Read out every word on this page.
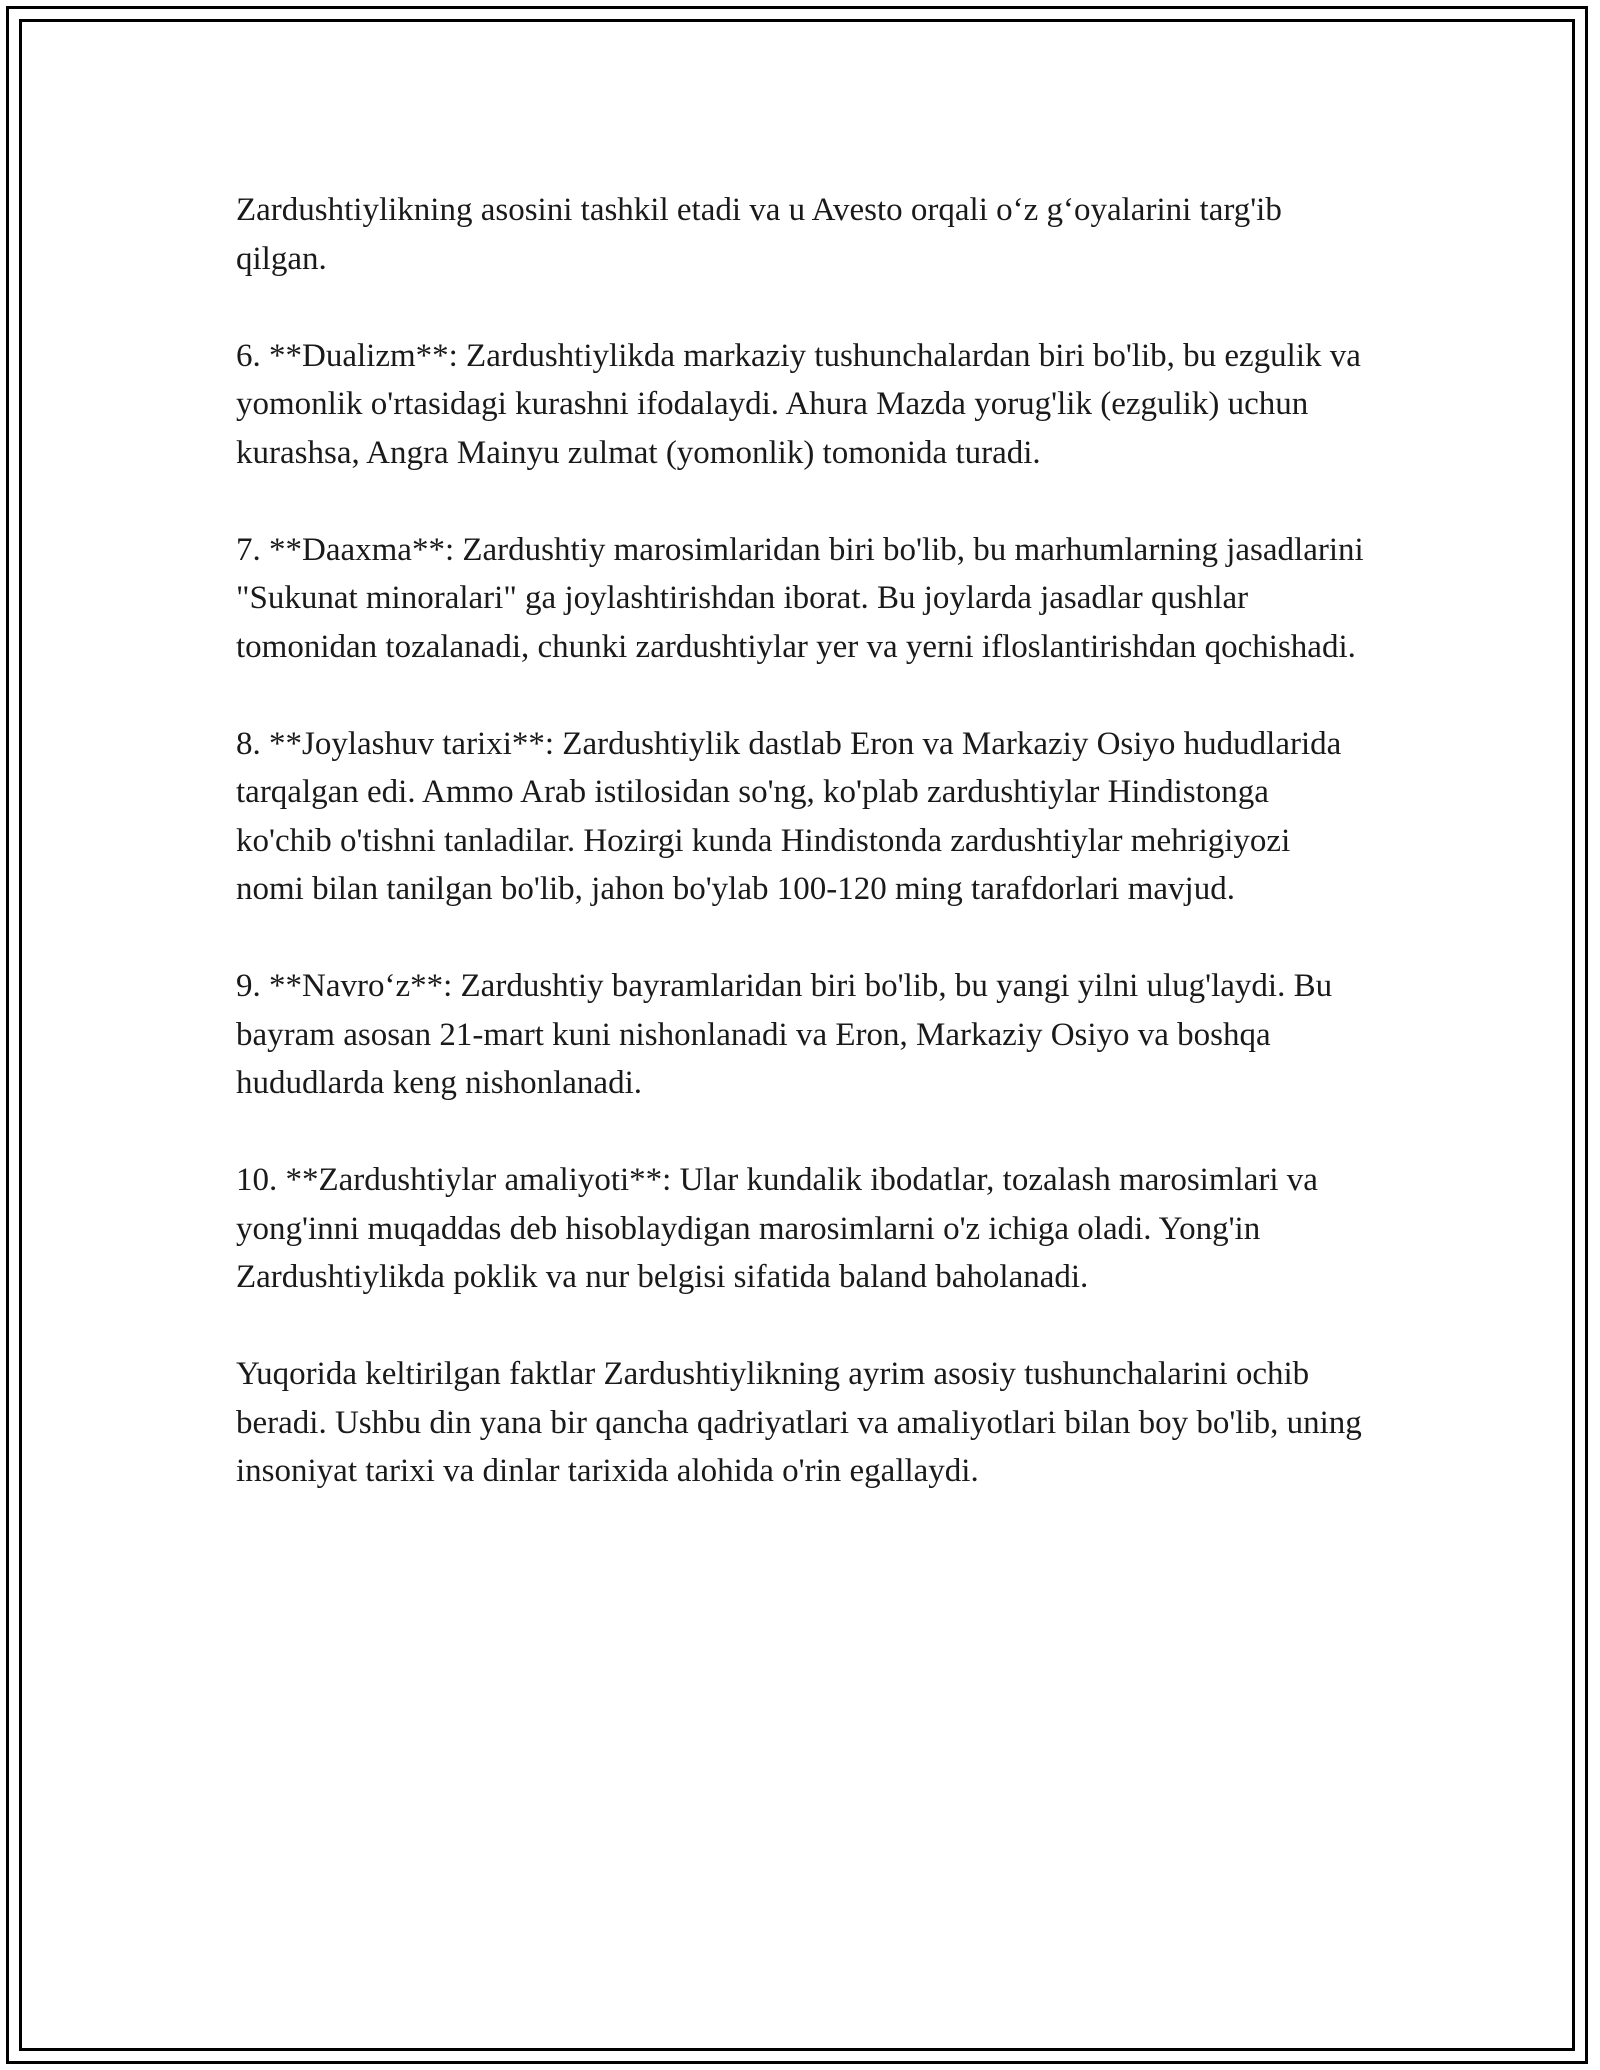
Zardushtiylikning asosini tashkil etadi va u Avesto orqali o‘z g‘oyalarini targ'ib qilgan.

6. **Dualizm**: Zardushtiylikda markaziy tushunchalardan biri bo'lib, bu ezgulik va yomonlik o'rtasidagi kurashni ifodalaydi. Ahura Mazda yorug'lik (ezgulik) uchun kurashsa, Angra Mainyu zulmat (yomonlik) tomonida turadi.

7. **Daaxma**: Zardushtiy marosimlaridan biri bo'lib, bu marhumlarning jasadlarini "Sukunat minoralari" ga joylashtirishdan iborat. Bu joylarda jasadlar qushlar tomonidan tozalanadi, chunki zardushtiylar yer va yerni ifloslantirishdan qochishadi.

8. **Joylashuv tarixi**: Zardushtiylik dastlab Eron va Markaziy Osiyo hududlarida tarqalgan edi. Ammo Arab istilosidan so'ng, ko'plab zardushtiylar Hindistonga ko'chib o'tishni tanladilar. Hozirgi kunda Hindistonda zardushtiylar mehrigiyozi nomi bilan tanilgan bo'lib, jahon bo'ylab 100-120 ming tarafdorlari mavjud.

9. **Navro‘z**: Zardushtiy bayramlaridan biri bo'lib, bu yangi yilni ulug'laydi. Bu bayram asosan 21-mart kuni nishonlanadi va Eron, Markaziy Osiyo va boshqa hududlarda keng nishonlanadi.

10. **Zardushtiylar amaliyoti**: Ular kundalik ibodatlar, tozalash marosimlari va yong'inni muqaddas deb hisoblaydigan marosimlarni o'z ichiga oladi. Yong'in Zardushtiylikda poklik va nur belgisi sifatida baland baholanadi.

Yuqorida keltirilgan faktlar Zardushtiylikning ayrim asosiy tushunchalarini ochib beradi. Ushbu din yana bir qancha qadriyatlari va amaliyotlari bilan boy bo'lib, uning insoniyat tarixi va dinlar tarixida alohida o'rin egallaydi.
